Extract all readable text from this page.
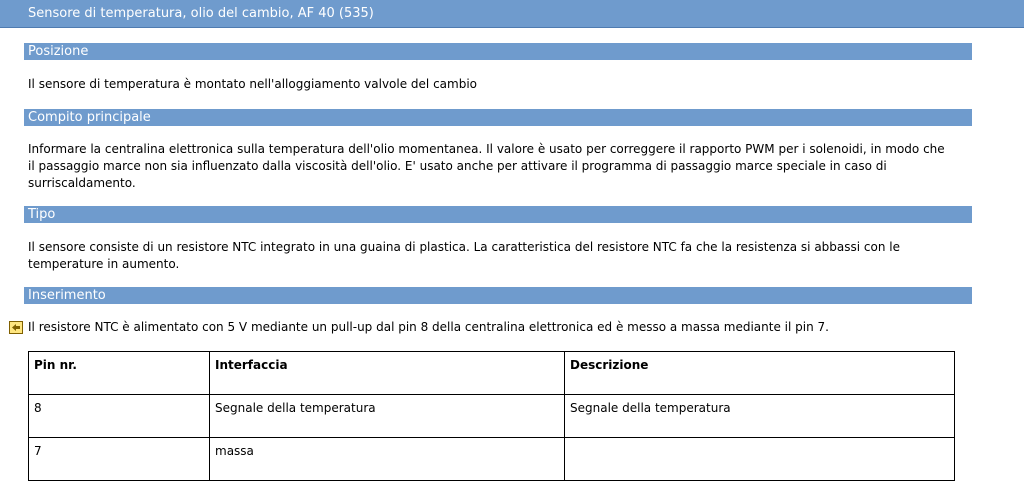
Sensore di temperatura, olio del cambio, AF 40 (535)
Posizione
Il sensore di temperatura è montato nell'alloggiamento valvole del cambio
Compito principale
Informare la centralina elettronica sulla temperatura dell'olio momentanea. Il valore è usato per correggere il rapporto PWM per i solenoidi, in modo che
il passaggio marce non sia influenzato dalla viscosità dell'olio. E' usato anche per attivare il programma di passaggio marce speciale in caso di
surriscaldamento.
Tipo
Il sensore consiste di un resistore NTC integrato in una guaina di plastica. La caratteristica del resistore NTC fa che la resistenza si abbassi con le
temperature in aumento.
Inserimento
Il resistore NTC è alimentato con 5 V mediante un pull-up dal pin 8 della centralina elettronica ed è messo a massa mediante il pin 7.
Pin nr.	Interfaccia	Descrizione
8	Segnale della temperatura	Segnale della temperatura
7	massa	
